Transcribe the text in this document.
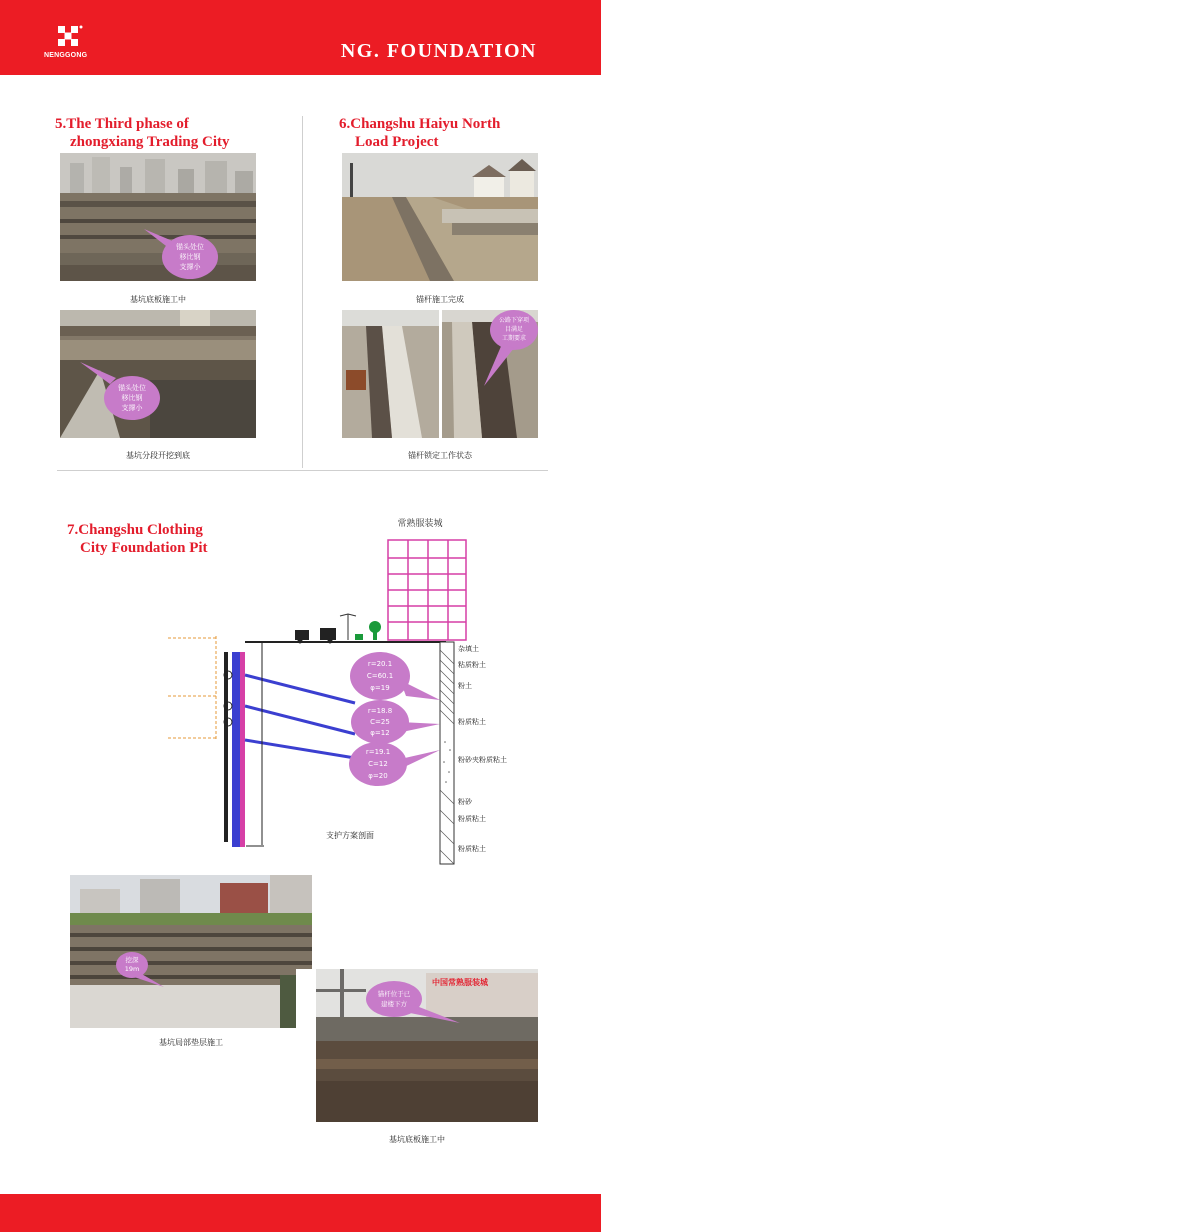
NENGGONG	NG. FOUNDATION
5.The Third phase of
zhongxiang Trading City
锚头处位
移比钢
支撑小
基坑底板施工中
锚头处位
移比钢
支撑小
基坑分段开挖到底
6.Changshu Haiyu North
Load Project
锚杆施工完成
公路下穿项
目满足
工期要求
锚杆锁定工作状态
7.Changshu Clothing
City Foundation Pit
常熟服装城
杂填土
粘质粉土
粉土
粉质粘土
粉砂夹粉质粘土
粉砂
粉质粘土
粉质粘土
r=20.1
C=60.1
φ=19
r=18.8
C=25
φ=12
r=19.1
C=12
φ=20
支护方案剖面
挖深
19m
基坑局部垫层施工
中国常熟服装城
锚杆位于已
建楼下方
基坑底板施工中
